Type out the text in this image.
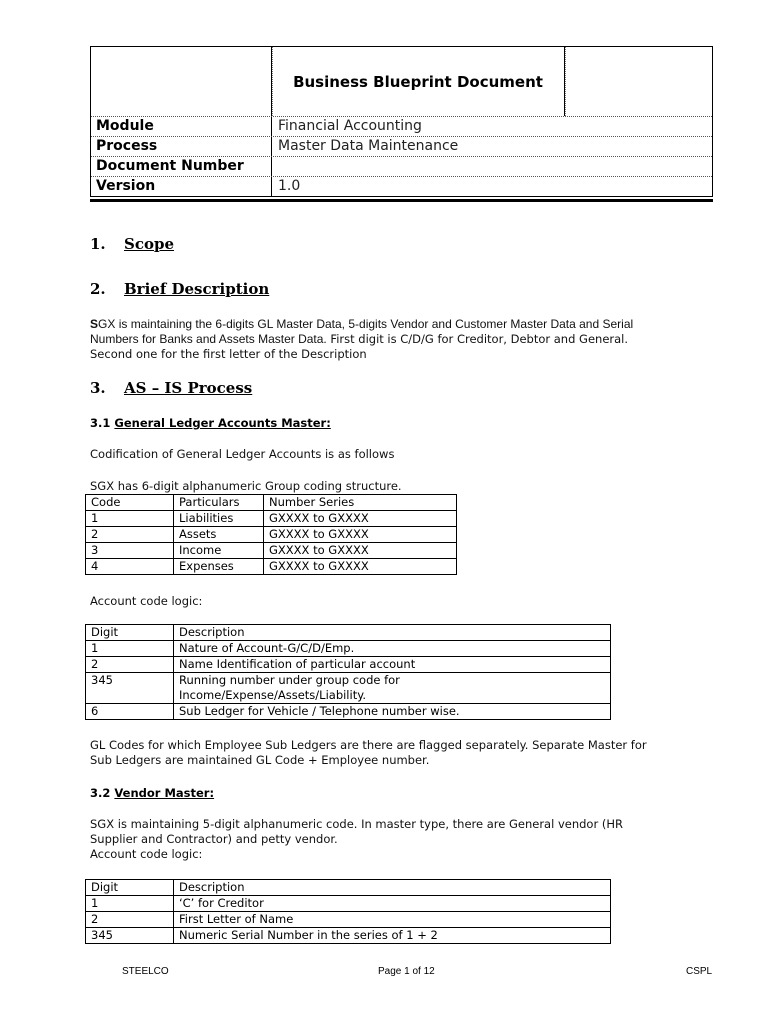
Business Blueprint Document
Module	Financial Accounting
Process	Master Data Maintenance
Document Number
Version	1.0
1. Scope
2. Brief Description
SGX is maintaining the 6-digits GL Master Data, 5-digits Vendor and Customer Master Data and Serial
Numbers for Banks and Assets Master Data. First digit is C/D/G for Creditor, Debtor and General.
Second one for the first letter of the Description
3. AS – IS Process
3.1 General Ledger Accounts Master:
Codification of General Ledger Accounts is as follows
SGX has 6-digit alphanumeric Group coding structure.
Code	Particulars	Number Series
1	Liabilities	GXXXX to GXXXX
2	Assets	GXXXX to GXXXX
3	Income	GXXXX to GXXXX
4	Expenses	GXXXX to GXXXX
Account code logic:
Digit	Description
1	Nature of Account-G/C/D/Emp.
2	Name Identification of particular account
345	Running number under group code for Income/Expense/Assets/Liability.
6	Sub Ledger for Vehicle / Telephone number wise.
GL Codes for which Employee Sub Ledgers are there are flagged separately. Separate Master for
Sub Ledgers are maintained GL Code + Employee number.
3.2 Vendor Master:
SGX is maintaining 5-digit alphanumeric code. In master type, there are General vendor (HR
Supplier and Contractor) and petty vendor.
Account code logic:
Digit	Description
1	‘C’ for Creditor
2	First Letter of Name
345	Numeric Serial Number in the series of 1 + 2
STEELCO	Page 1 of 12	CSPL
